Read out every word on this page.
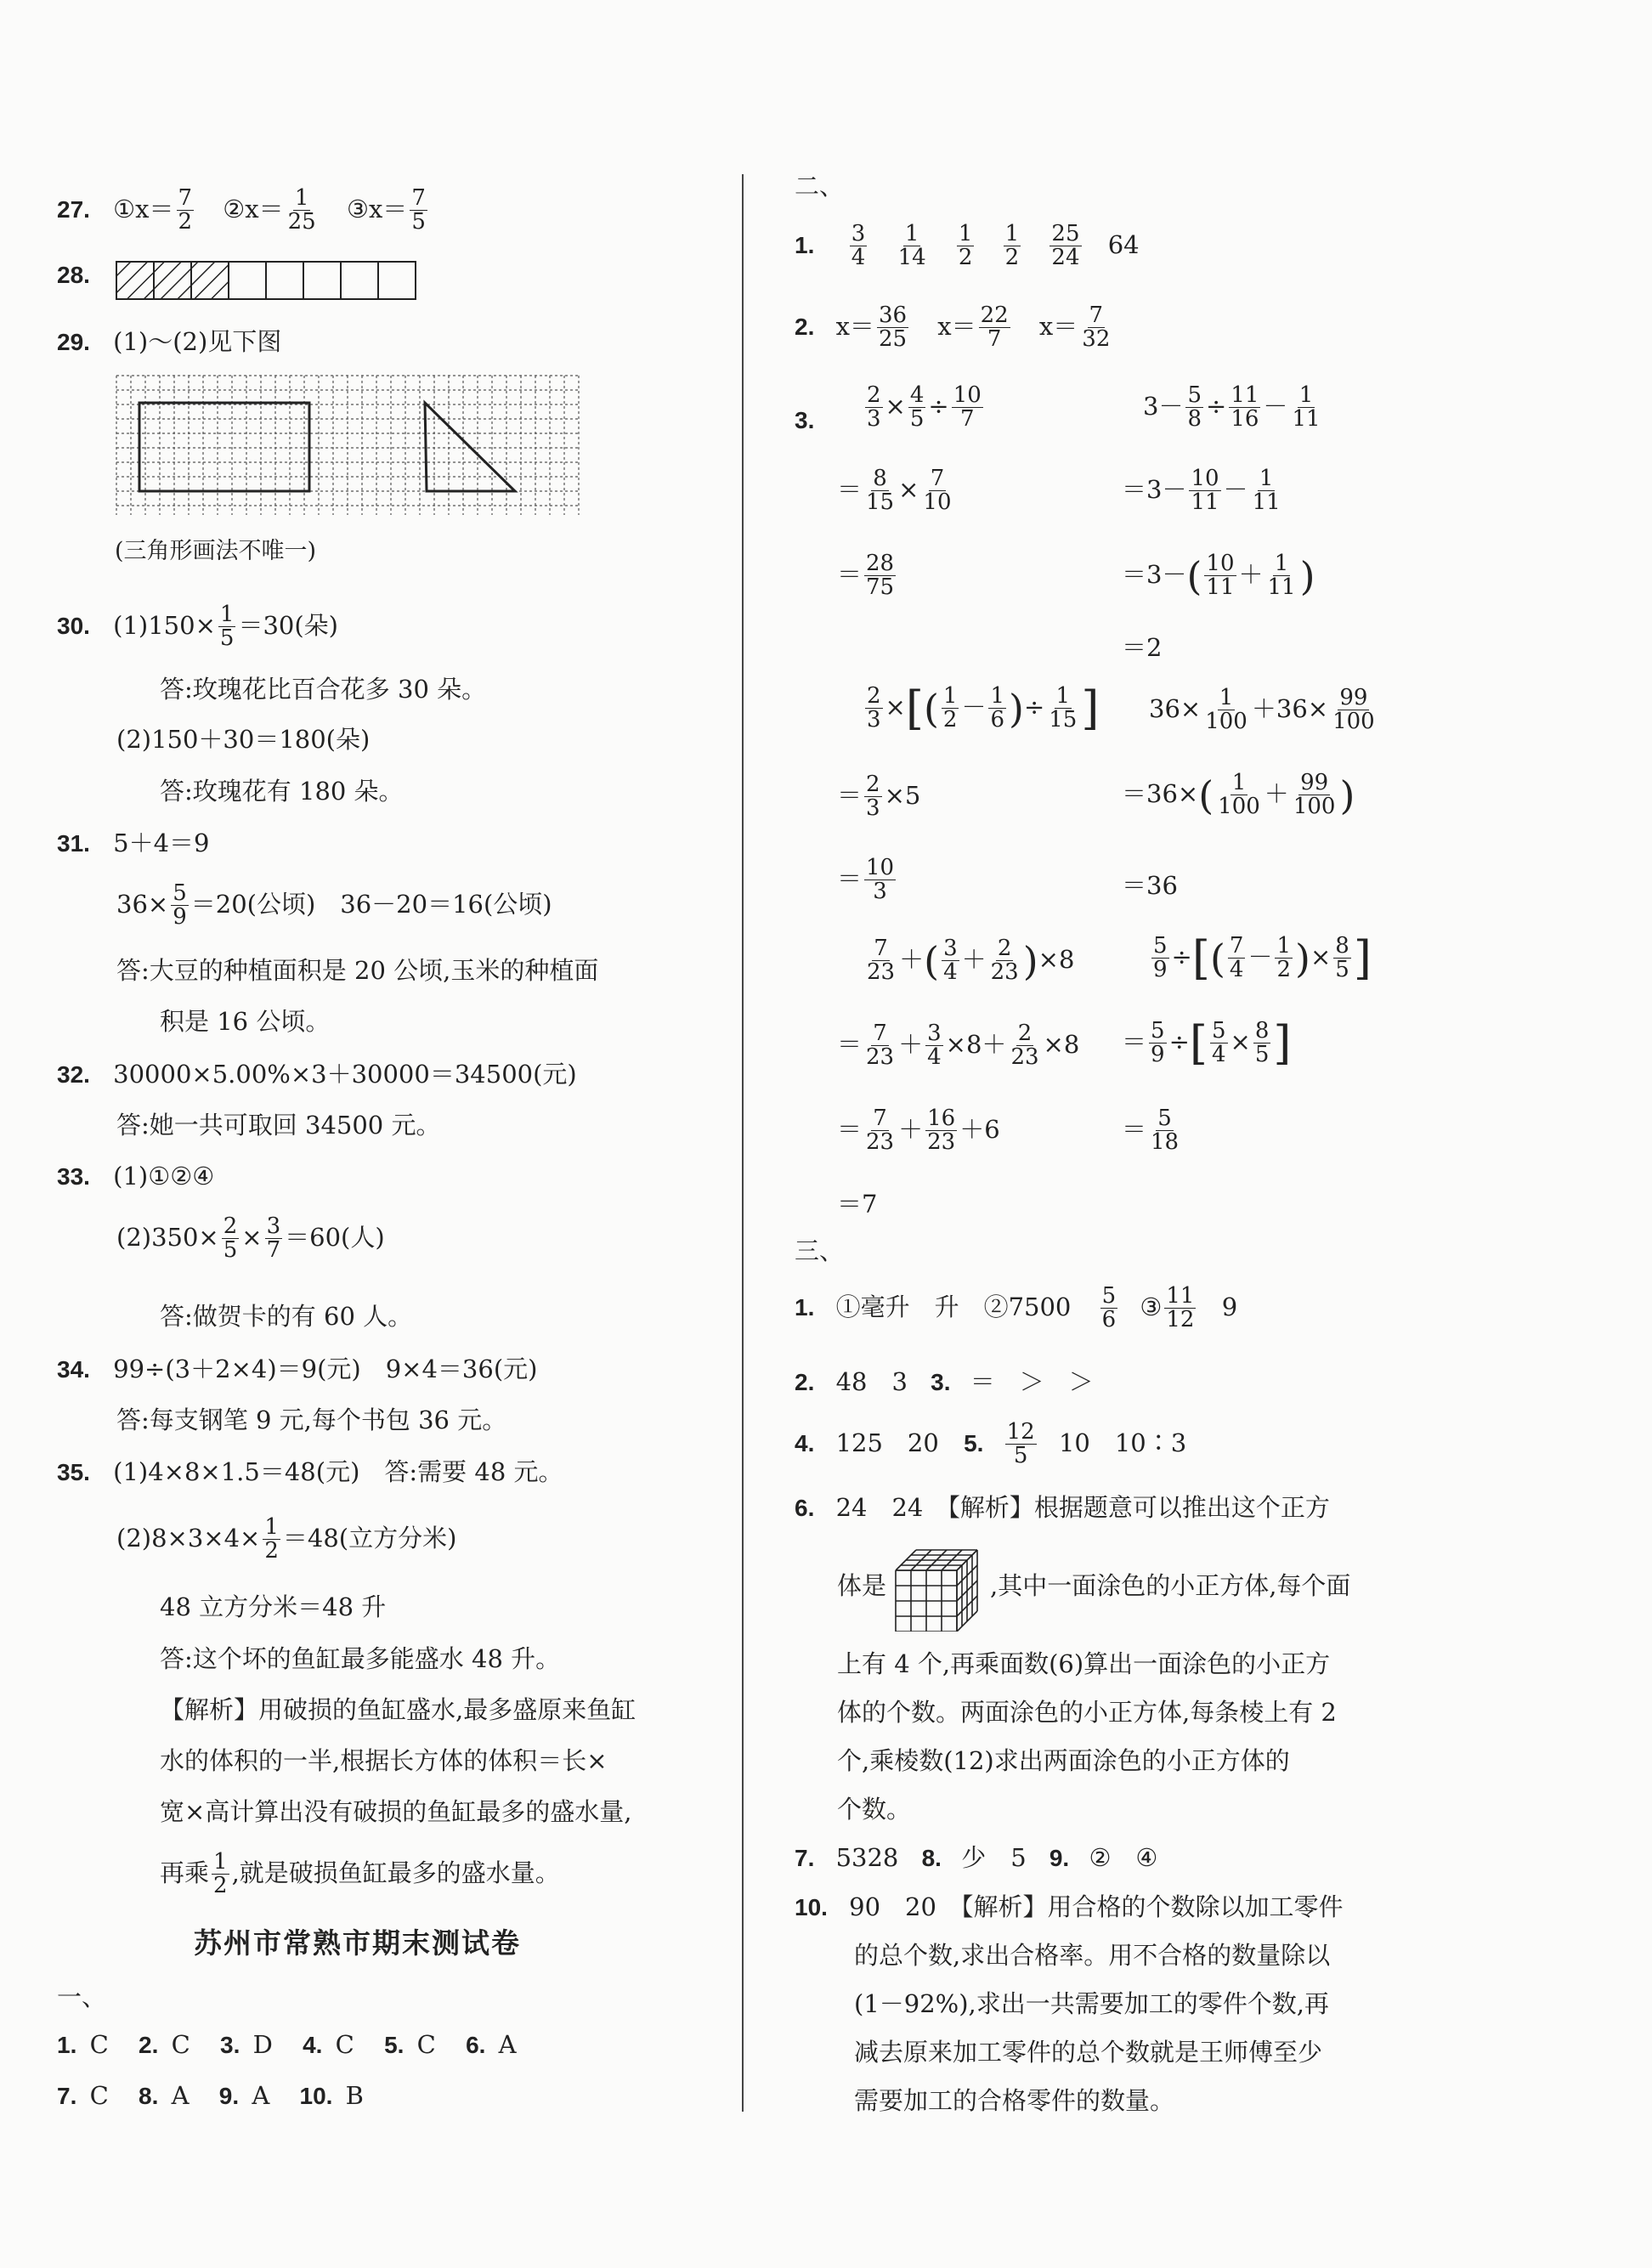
27. ①x＝ $\frac{7}{2}$ ②x＝ $\frac{1}{25}$ ③x＝ $\frac{7}{5}$
28.
29. (1)～(2)见下图
(三角形画法不唯一)
30. $(1)150\times \frac{1}{5} =30$(朵)
答:玫瑰花比百合花多 30 朵。
(2)150＋30＝180(朵)
答:玫瑰花有 180 朵。
31. 5＋4＝9
$36\times \frac{5}{9} =20$(公顷)　36－20＝16(公顷)
答:大豆的种植面积是 20 公顷,玉米的种植面
积是 16 公顷。
32. 30000×5.00%×3＋30000＝34500(元)
答:她一共可取回 34500 元。
33. (1)①②④
$(2)350\times \frac{2}{5} \times \frac{3}{7} =60$(人)
答:做贺卡的有 60 人。
34. 99÷(3＋2×4)＝9(元)　9×4＝36(元)
答:每支钢笔 9 元,每个书包 36 元。
35. (1)4×8×1.5＝48(元)　答:需要 48 元。
$(2)8\times 3\times 4\times \frac{1}{2} =48$(立方分米)
48 立方分米＝48 升
答:这个坏的鱼缸最多能盛水 48 升。
【解析】用破损的鱼缸盛水,最多盛原来鱼缸
水的体积的一半,根据长方体的体积＝长×
宽×高计算出没有破损的鱼缸最多的盛水量,
再乘 $\frac{1}{2}$ ,就是破损鱼缸最多的盛水量。
苏州市常熟市期末测试卷
一、
1. C 2. C 3. D 4. C 5. C 6. A
7. C 8. A 9. A 10. B
二、
1. $\frac{3}{4}$
$\frac{1}{14}$
$\frac{1}{2}$
$\frac{1}{2}$
$\frac{25}{24} 64$
2. $x= \frac{36}{25} x= \frac{22}{7} x= \frac{7}{32}$
3. $\frac{2}{3} \times \frac{4}{5} \div \frac{10}{7}$
＝ $\frac{8}{15} \times \frac{7}{10}$
＝ $\frac{28}{75}$
$3- \frac{5}{8} \div \frac{11}{16} - \frac{1}{11}$
$=3- \frac{10}{11} - \frac{1}{11}$
$=3-( \frac{10}{11} + \frac{1}{11}$ )
＝2
$\frac{2}{3}$ ×[( $\frac{1}{2} - \frac{1}{6}$ )÷ $\frac{1}{15}$ ]
＝ $\frac{2}{3} \times 5$
＝ $\frac{10}{3}$
$36\times \frac{1}{100} +36\times \frac{99}{100}$
$=36\times( \frac{1}{100} + \frac{99}{100}$ )
＝36
$\frac{7}{23}$ ＋( $\frac{3}{4} + \frac{2}{23} )\times 8$
＝ $\frac{7}{23} + \frac{3}{4} \times 8+ \frac{2}{23} \times 8$
＝ $\frac{7}{23} + \frac{16}{23} +6$
＝7
$\frac{5}{9}$ ÷[( $\frac{7}{4} - \frac{1}{2}$ )× $\frac{8}{5}$ ]
＝ $\frac{5}{9}$ ÷[ $\frac{5}{4} \times \frac{8}{5}$ ]
＝ $\frac{5}{18}$
三、
1. ①毫升　升　②7500 $\frac{5}{6}$ ③ $\frac{11}{12} 9$
2. 48　3 3. ＝　＞　＞
4. 125　20 5. $\frac{12}{5} 10$　10∶3
6. 24　24　【解析】根据题意可以推出这个正方
体是	,其中一面涂色的小正方体,每个面
上有 4 个,再乘面数(6)算出一面涂色的小正方
体的个数。两面涂色的小正方体,每条棱上有 2
个,乘棱数(12)求出两面涂色的小正方体的
个数。
7. 5328 8. 少　5 9. ②　④
10. 90　20　【解析】用合格的个数除以加工零件
的总个数,求出合格率。用不合格的数量除以
(1－92%),求出一共需要加工的零件个数,再
减去原来加工零件的总个数就是王师傅至少
需要加工的合格零件的数量。
